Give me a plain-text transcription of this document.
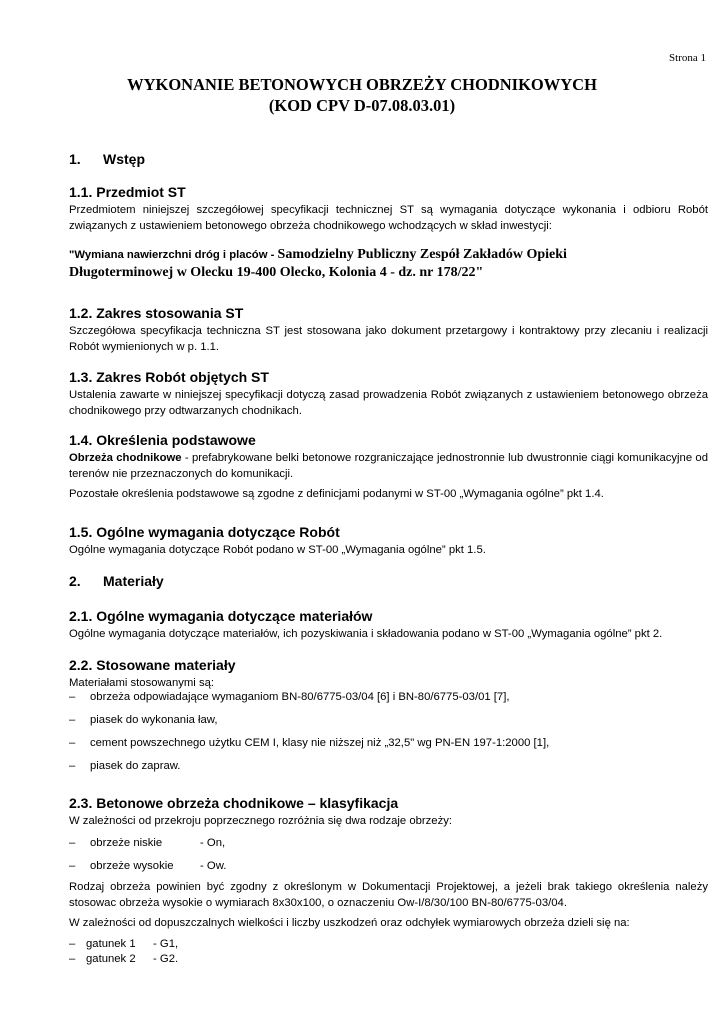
Strona 1
WYKONANIE BETONOWYCH OBRZEŻY CHODNIKOWYCH
(KOD CPV D-07.08.03.01)
1. Wstęp
1.1. Przedmiot ST
Przedmiotem niniejszej szczegółowej specyfikacji technicznej ST są wymagania dotyczące wykonania i odbioru Robót związanych z ustawieniem betonowego obrzeża chodnikowego wchodzących w skład inwestycji:
"Wymiana nawierzchni dróg i placów - Samodzielny Publiczny Zespół Zakładów Opieki
Długoterminowej w Olecku 19-400 Olecko, Kolonia 4 - dz. nr 178/22"
1.2. Zakres stosowania ST
Szczegółowa specyfikacja techniczna ST jest stosowana jako dokument przetargowy i kontraktowy przy zlecaniu i realizacji Robót wymienionych w p. 1.1.
1.3. Zakres Robót objętych ST
Ustalenia zawarte w niniejszej specyfikacji dotyczą zasad prowadzenia Robót związanych z ustawieniem betonowego obrzeża chodnikowego przy odtwarzanych chodnikach.
1.4. Określenia podstawowe
Obrzeża chodnikowe - prefabrykowane belki betonowe rozgraniczające jednostronnie lub dwustronnie ciągi komunikacyjne od terenów nie przeznaczonych do komunikacji.
Pozostałe określenia podstawowe są zgodne z definicjami podanymi w ST-00 „Wymagania ogólne” pkt 1.4.
1.5. Ogólne wymagania dotyczące Robót
Ogólne wymagania dotyczące Robót podano w ST-00 „Wymagania ogólne” pkt 1.5.
2. Materiały
2.1. Ogólne wymagania dotyczące materiałów
Ogólne wymagania dotyczące materiałów, ich pozyskiwania i składowania podano w ST-00 „Wymagania ogólne” pkt 2.
2.2. Stosowane materiały
Materiałami stosowanymi są:
– obrzeża odpowiadające wymaganiom BN-80/6775-03/04 [6] i BN-80/6775-03/01 [7],
– piasek do wykonania ław,
– cement powszechnego użytku CEM I, klasy nie niższej niż „32,5" wg PN-EN 197-1:2000 [1],
– piasek do zapraw.
2.3. Betonowe obrzeża chodnikowe – klasyfikacja
W zależności od przekroju poprzecznego rozróżnia się dwa rodzaje obrzeży:
– obrzeże niskie	- On,
– obrzeże wysokie - Ow.
Rodzaj obrzeża powinien być zgodny z określonym w Dokumentacji Projektowej, a jeżeli brak takiego określenia należy stosowac obrzeża wysokie o wymiarach 8x30x100, o oznaczeniu Ow-I/8/30/100 BN-80/6775-03/04.
W zależności od dopuszczalnych wielkości i liczby uszkodzeń oraz odchyłek wymiarowych obrzeża dzieli się na:
– gatunek 1 - G1,
– gatunek 2 - G2.
